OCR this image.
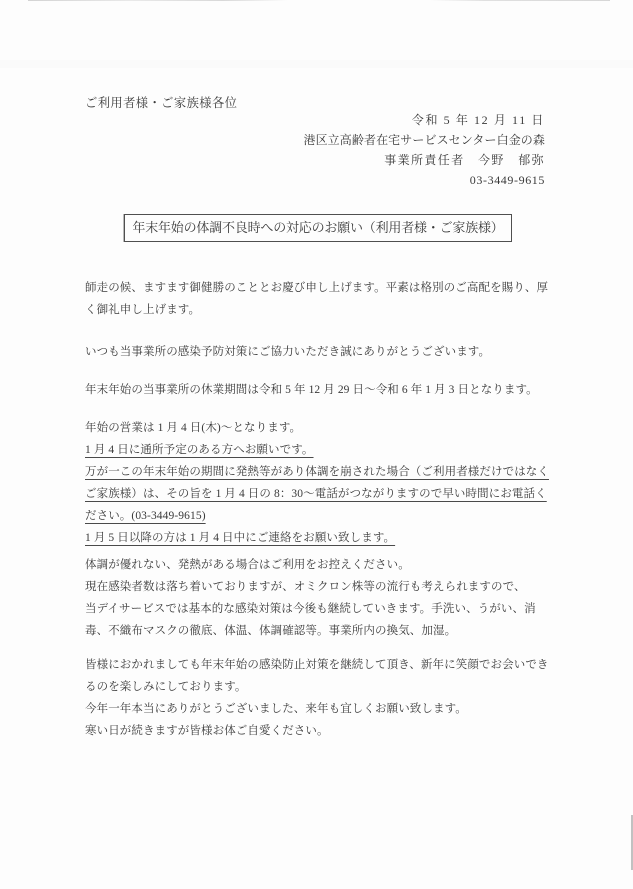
ご利用者様・ご家族様各位
令和 5 年 12 月 11 日
港区立高齢者在宅サービスセンター白金の森
事業所責任者　今野　郁弥
03-3449-9615
年末年始の体調不良時への対応のお願い（利用者様・ご家族様）
師走の候、ますます御健勝のこととお慶び申し上げます。平素は格別のご高配を賜り、厚
く御礼申し上げます。
いつも当事業所の感染予防対策にご協力いただき誠にありがとうございます。
年末年始の当事業所の休業期間は令和 5 年 12 月 29 日～令和 6 年 1 月 3 日となります。
年始の営業は 1 月 4 日(木)～となります。
1 月 4 日に通所予定のある方へお願いです。
万が一この年末年始の期間に発熱等があり体調を崩された場合（ご利用者様だけではなく
ご家族様）は、その旨を 1 月 4 日の 8：30～電話がつながりますので早い時間にお電話く
ださい。(03-3449-9615)
1 月 5 日以降の方は 1 月 4 日中にご連絡をお願い致します。
体調が優れない、発熱がある場合はご利用をお控えください。
現在感染者数は落ち着いておりますが、オミクロン株等の流行も考えられますので、
当デイサービスでは基本的な感染対策は今後も継続していきます。手洗い、うがい、消
毒、不織布マスクの徹底、体温、体調確認等。事業所内の換気、加湿。
皆様におかれましても年末年始の感染防止対策を継続して頂き、新年に笑顔でお会いでき
るのを楽しみにしております。
今年一年本当にありがとうございました、来年も宜しくお願い致します。
寒い日が続きますが皆様お体ご自愛ください。
